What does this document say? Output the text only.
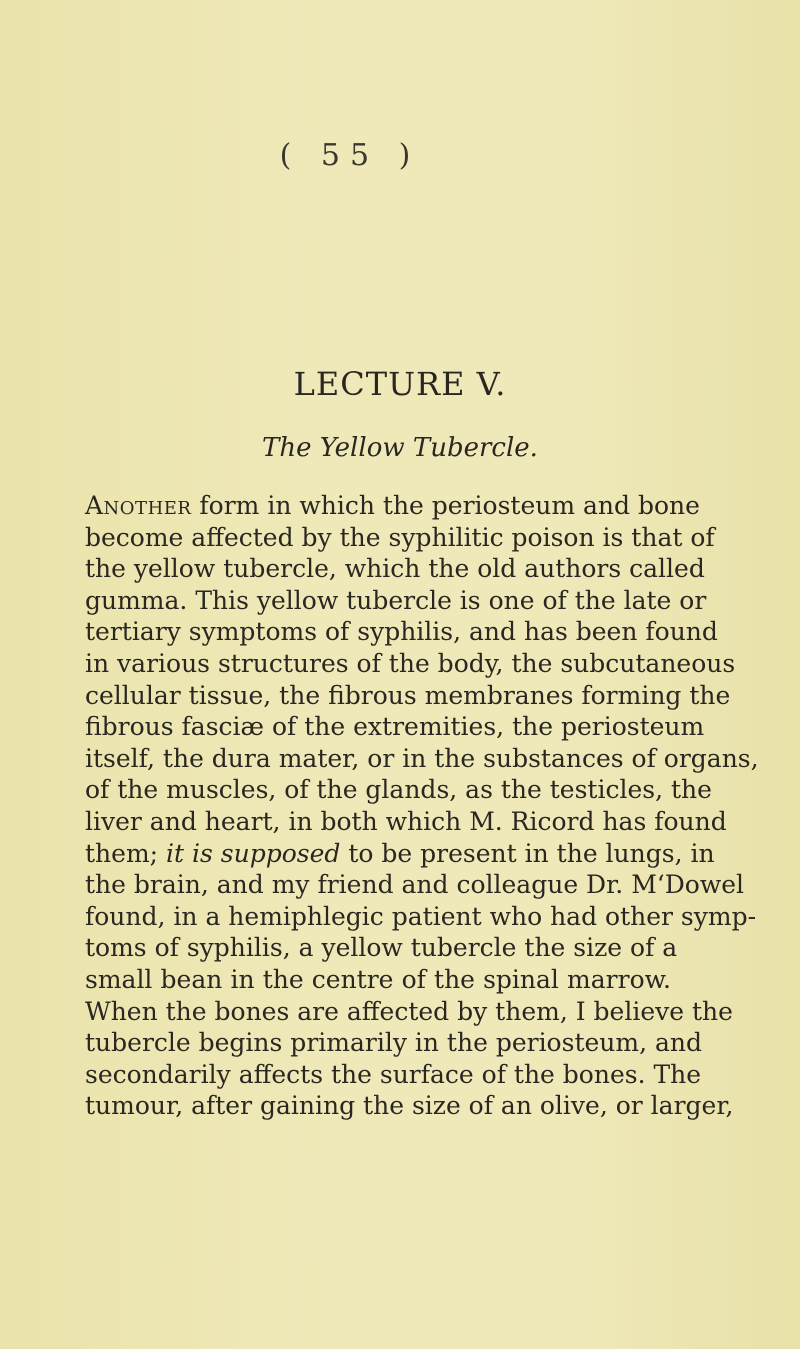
( 55 )
LECTURE V.
The Yellow Tubercle.
Another form in which the periosteum and bone
become affected by the syphilitic poison is that of
the yellow tubercle, which the old authors called
gumma. This yellow tubercle is one of the late or
tertiary symptoms of syphilis, and has been found
in various structures of the body, the subcutaneous
cellular tissue, the fibrous membranes forming the
fibrous fasciæ of the extremities, the periosteum
itself, the dura mater, or in the substances of organs,
of the muscles, of the glands, as the testicles, the
liver and heart, in both which M. Ricord has found
them; it is supposed to be present in the lungs, in
the brain, and my friend and colleague Dr. M‘Dowel
found, in a hemiphlegic patient who had other symp-
toms of syphilis, a yellow tubercle the size of a
small bean in the centre of the spinal marrow.
When the bones are affected by them, I believe the
tubercle begins primarily in the periosteum, and
secondarily affects the surface of the bones. The
tumour, after gaining the size of an olive, or larger,
